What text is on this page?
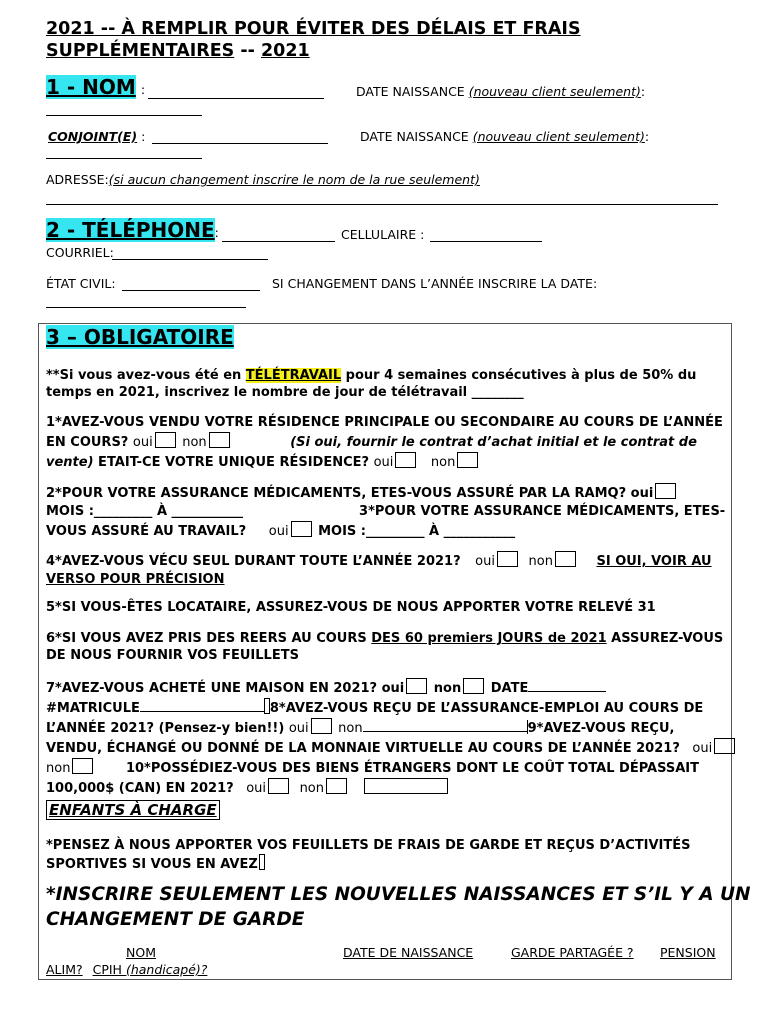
2021 -- À REMPLIR POUR ÉVITER DES DÉLAIS ET FRAIS
SUPPLÉMENTAIRES -- 2021
1 - NOM :	DATE NAISSANCE (nouveau client seulement):
CONJOINT(E) :	DATE NAISSANCE (nouveau client seulement):
ADRESSE:(si aucun changement inscrire le nom de la rue seulement)
2 - TÉLÉPHONE:	CELLULAIRE :
COURRIEL:
ÉTAT CIVIL:	SI CHANGEMENT DANS L’ANNÉE INSCRIRE LA DATE:
3 – OBLIGATOIRE
**Si vous avez-vous été en TÉLÉTRAVAIL pour 4 semaines consécutives à plus de 50% du
temps en 2021, inscrivez le nombre de jour de télétravail ________
1*AVEZ-VOUS VENDU VOTRE RÉSIDENCE PRINCIPALE OU SECONDAIRE AU COURS DE L’ANNÉE
EN COURS? oui non	(Si oui, fournir le contrat d’achat initial et le contrat de
vente) ETAIT-CE VOTRE UNIQUE RÉSIDENCE? oui	non
2*POUR VOTRE ASSURANCE MÉDICAMENTS, ETES-VOUS ASSURÉ PAR LA RAMQ? oui
MOIS :_________ À ___________	3*POUR VOTRE ASSURANCE MÉDICAMENTS, ETES-
VOUS ASSURÉ AU TRAVAIL? oui MOIS :_________ À ___________
4*AVEZ-VOUS VÉCU SEUL DURANT TOUTE L’ANNÉE 2021? oui	non	SI OUI, VOIR AU
VERSO POUR PRÉCISION
5*SI VOUS-ÊTES LOCATAIRE, ASSUREZ-VOUS DE NOUS APPORTER VOTRE RELEVÉ 31
6*SI VOUS AVEZ PRIS DES REERS AU COURS DES 60 premiers JOURS de 2021 ASSUREZ-VOUS
DE NOUS FOURNIR VOS FEUILLETS
7*AVEZ-VOUS ACHETÉ UNE MAISON EN 2021? oui non DATE
#MATRICULE	8*AVEZ-VOUS REÇU DE L’ASSURANCE-EMPLOI AU COURS DE
L’ANNÉE 2021? (Pensez-y bien!!) oui non	9*AVEZ-VOUS REÇU,
VENDU, ÉCHANGÉ OU DONNÉ DE LA MONNAIE VIRTUELLE AU COURS DE L’ANNÉE 2021? oui
non	10*POSSÉDIEZ-VOUS DES BIENS ÉTRANGERS DONT LE COÛT TOTAL DÉPASSAIT
100,000$ (CAN) EN 2021? oui	non
ENFANTS À CHARGE
*PENSEZ À NOUS APPORTER VOS FEUILLETS DE FRAIS DE GARDE ET REÇUS D’ACTIVITÉS
SPORTIVES SI VOUS EN AVEZ
*INSCRIRE SEULEMENT LES NOUVELLES NAISSANCES ET S’IL Y A UN
CHANGEMENT DE GARDE
NOM	DATE DE NAISSANCE	GARDE PARTAGÉE ? PENSION
ALIM? CPIH (handicapé)?
